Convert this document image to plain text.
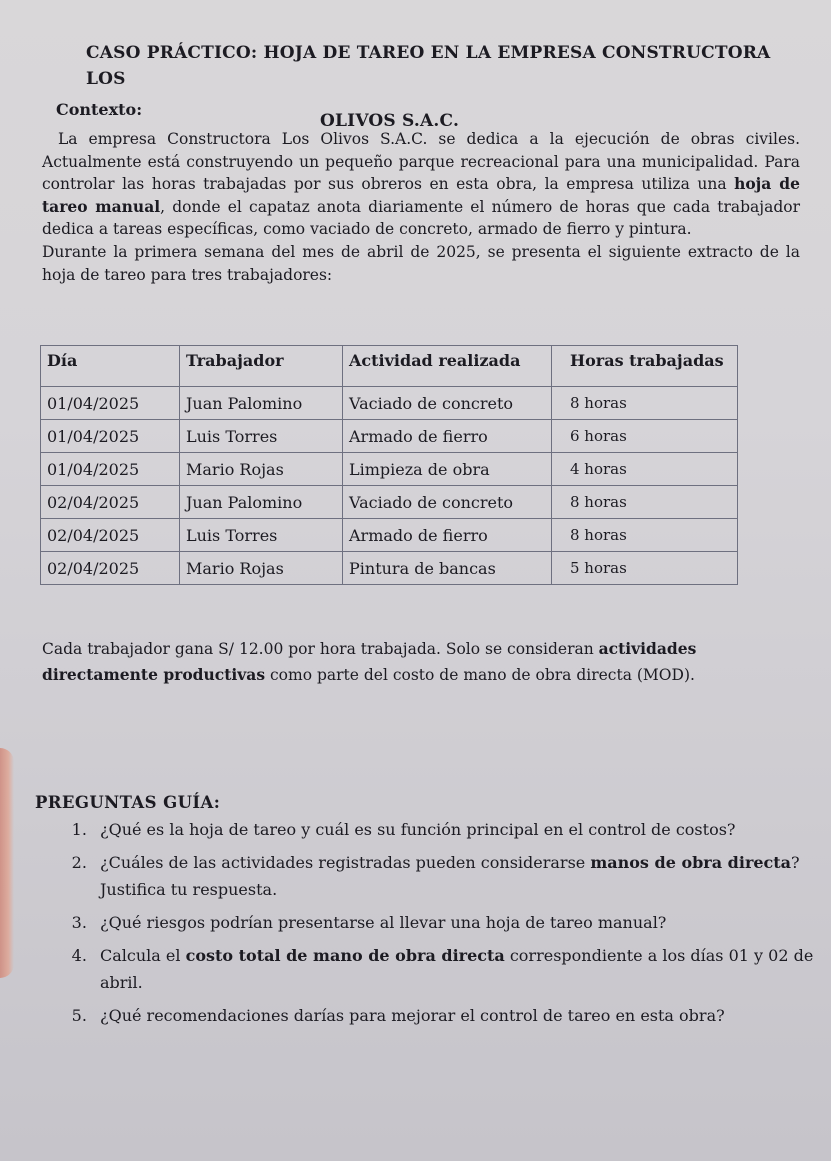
CASO PRÁCTICO: HOJA DE TAREO EN LA EMPRESA CONSTRUCTORA LOS
OLIVOS S.A.C.
Contexto:

La empresa Constructora Los Olivos S.A.C. se dedica a la ejecución de obras civiles. Actualmente está construyendo un pequeño parque recreacional para una municipalidad. Para controlar las horas trabajadas por sus obreros en esta obra, la empresa utiliza una hoja de tareo manual, donde el capataz anota diariamente el número de horas que cada trabajador dedica a tareas específicas, como vaciado de concreto, armado de fierro y pintura.

Durante la primera semana del mes de abril de 2025, se presenta el siguiente extracto de la hoja de tareo para tres trabajadores:

Día	Trabajador	Actividad realizada	Horas trabajadas
01/04/2025	Juan Palomino	Vaciado de concreto	8 horas
01/04/2025	Luis Torres	Armado de fierro	6 horas
01/04/2025	Mario Rojas	Limpieza de obra	4 horas
02/04/2025	Juan Palomino	Vaciado de concreto	8 horas
02/04/2025	Luis Torres	Armado de fierro	8 horas
02/04/2025	Mario Rojas	Pintura de bancas	5 horas
Cada trabajador gana S/ 12.00 por hora trabajada. Solo se consideran actividades directamente productivas como parte del costo de mano de obra directa (MOD).
PREGUNTAS GUÍA:
1. ¿Qué es la hoja de tareo y cuál es su función principal en el control de costos?
2. ¿Cuáles de las actividades registradas pueden considerarse manos de obra directa? Justifica tu respuesta.
3. ¿Qué riesgos podrían presentarse al llevar una hoja de tareo manual?
4. Calcula el costo total de mano de obra directa correspondiente a los días 01 y 02 de abril.
5. ¿Qué recomendaciones darías para mejorar el control de tareo en esta obra?
